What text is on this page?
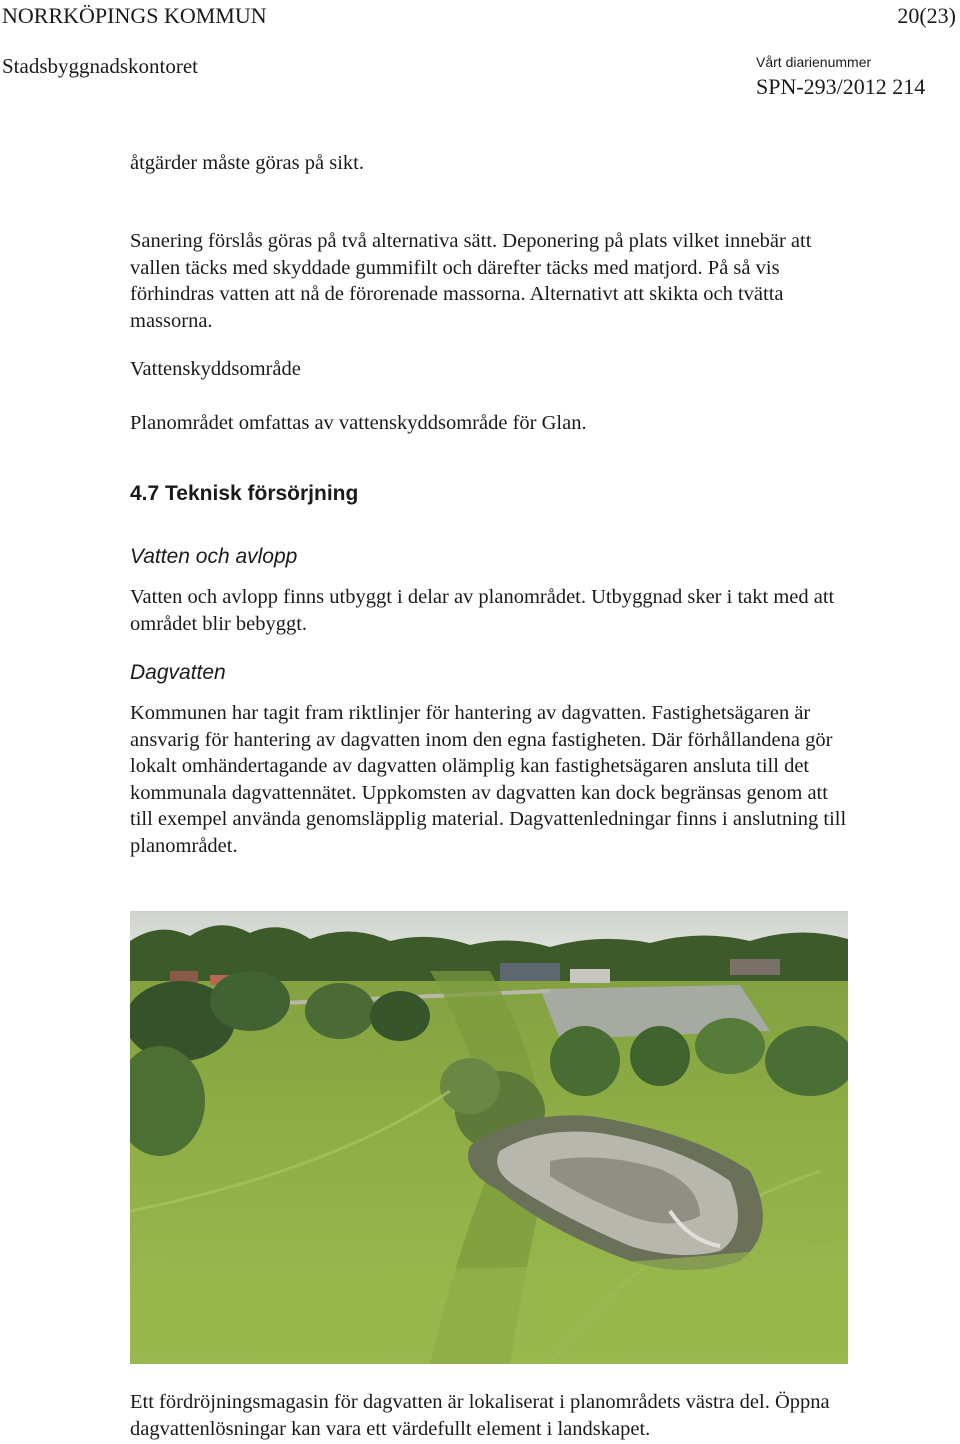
NORRKÖPINGS KOMMUN	20(23)
Stadsbyggnadskontoret	Vårt diarienummer
SPN-293/2012 214

åtgärder måste göras på sikt.

Sanering förslås göras på två alternativa sätt. Deponering på plats vilket innebär att vallen täcks med skyddade gummifilt och därefter täcks med matjord. På så vis förhindras vatten att nå de förorenade massorna. Alternativt att skikta och tvätta massorna.

Vattenskyddsområde

Planområdet omfattas av vattenskyddsområde för Glan.

4.7 Teknisk försörjning
Vatten och avlopp

Vatten och avlopp finns utbyggt i delar av planområdet. Utbyggnad sker i takt med att området blir bebyggt.

Dagvatten

Kommunen har tagit fram riktlinjer för hantering av dagvatten. Fastighetsägaren är ansvarig för hantering av dagvatten inom den egna fastigheten. Där förhållandena gör lokalt omhändertagande av dagvatten olämplig kan fastighetsägaren ansluta till det kommunala dagvattennätet. Uppkomsten av dagvatten kan dock begränsas genom att till exempel använda genomsläpplig material. Dagvattenledningar finns i anslutning till planområdet.

Ett fördröjningsmagasin för dagvatten är lokaliserat i planområdets västra del. Öppna dagvattenlösningar kan vara ett värdefullt element i landskapet.
